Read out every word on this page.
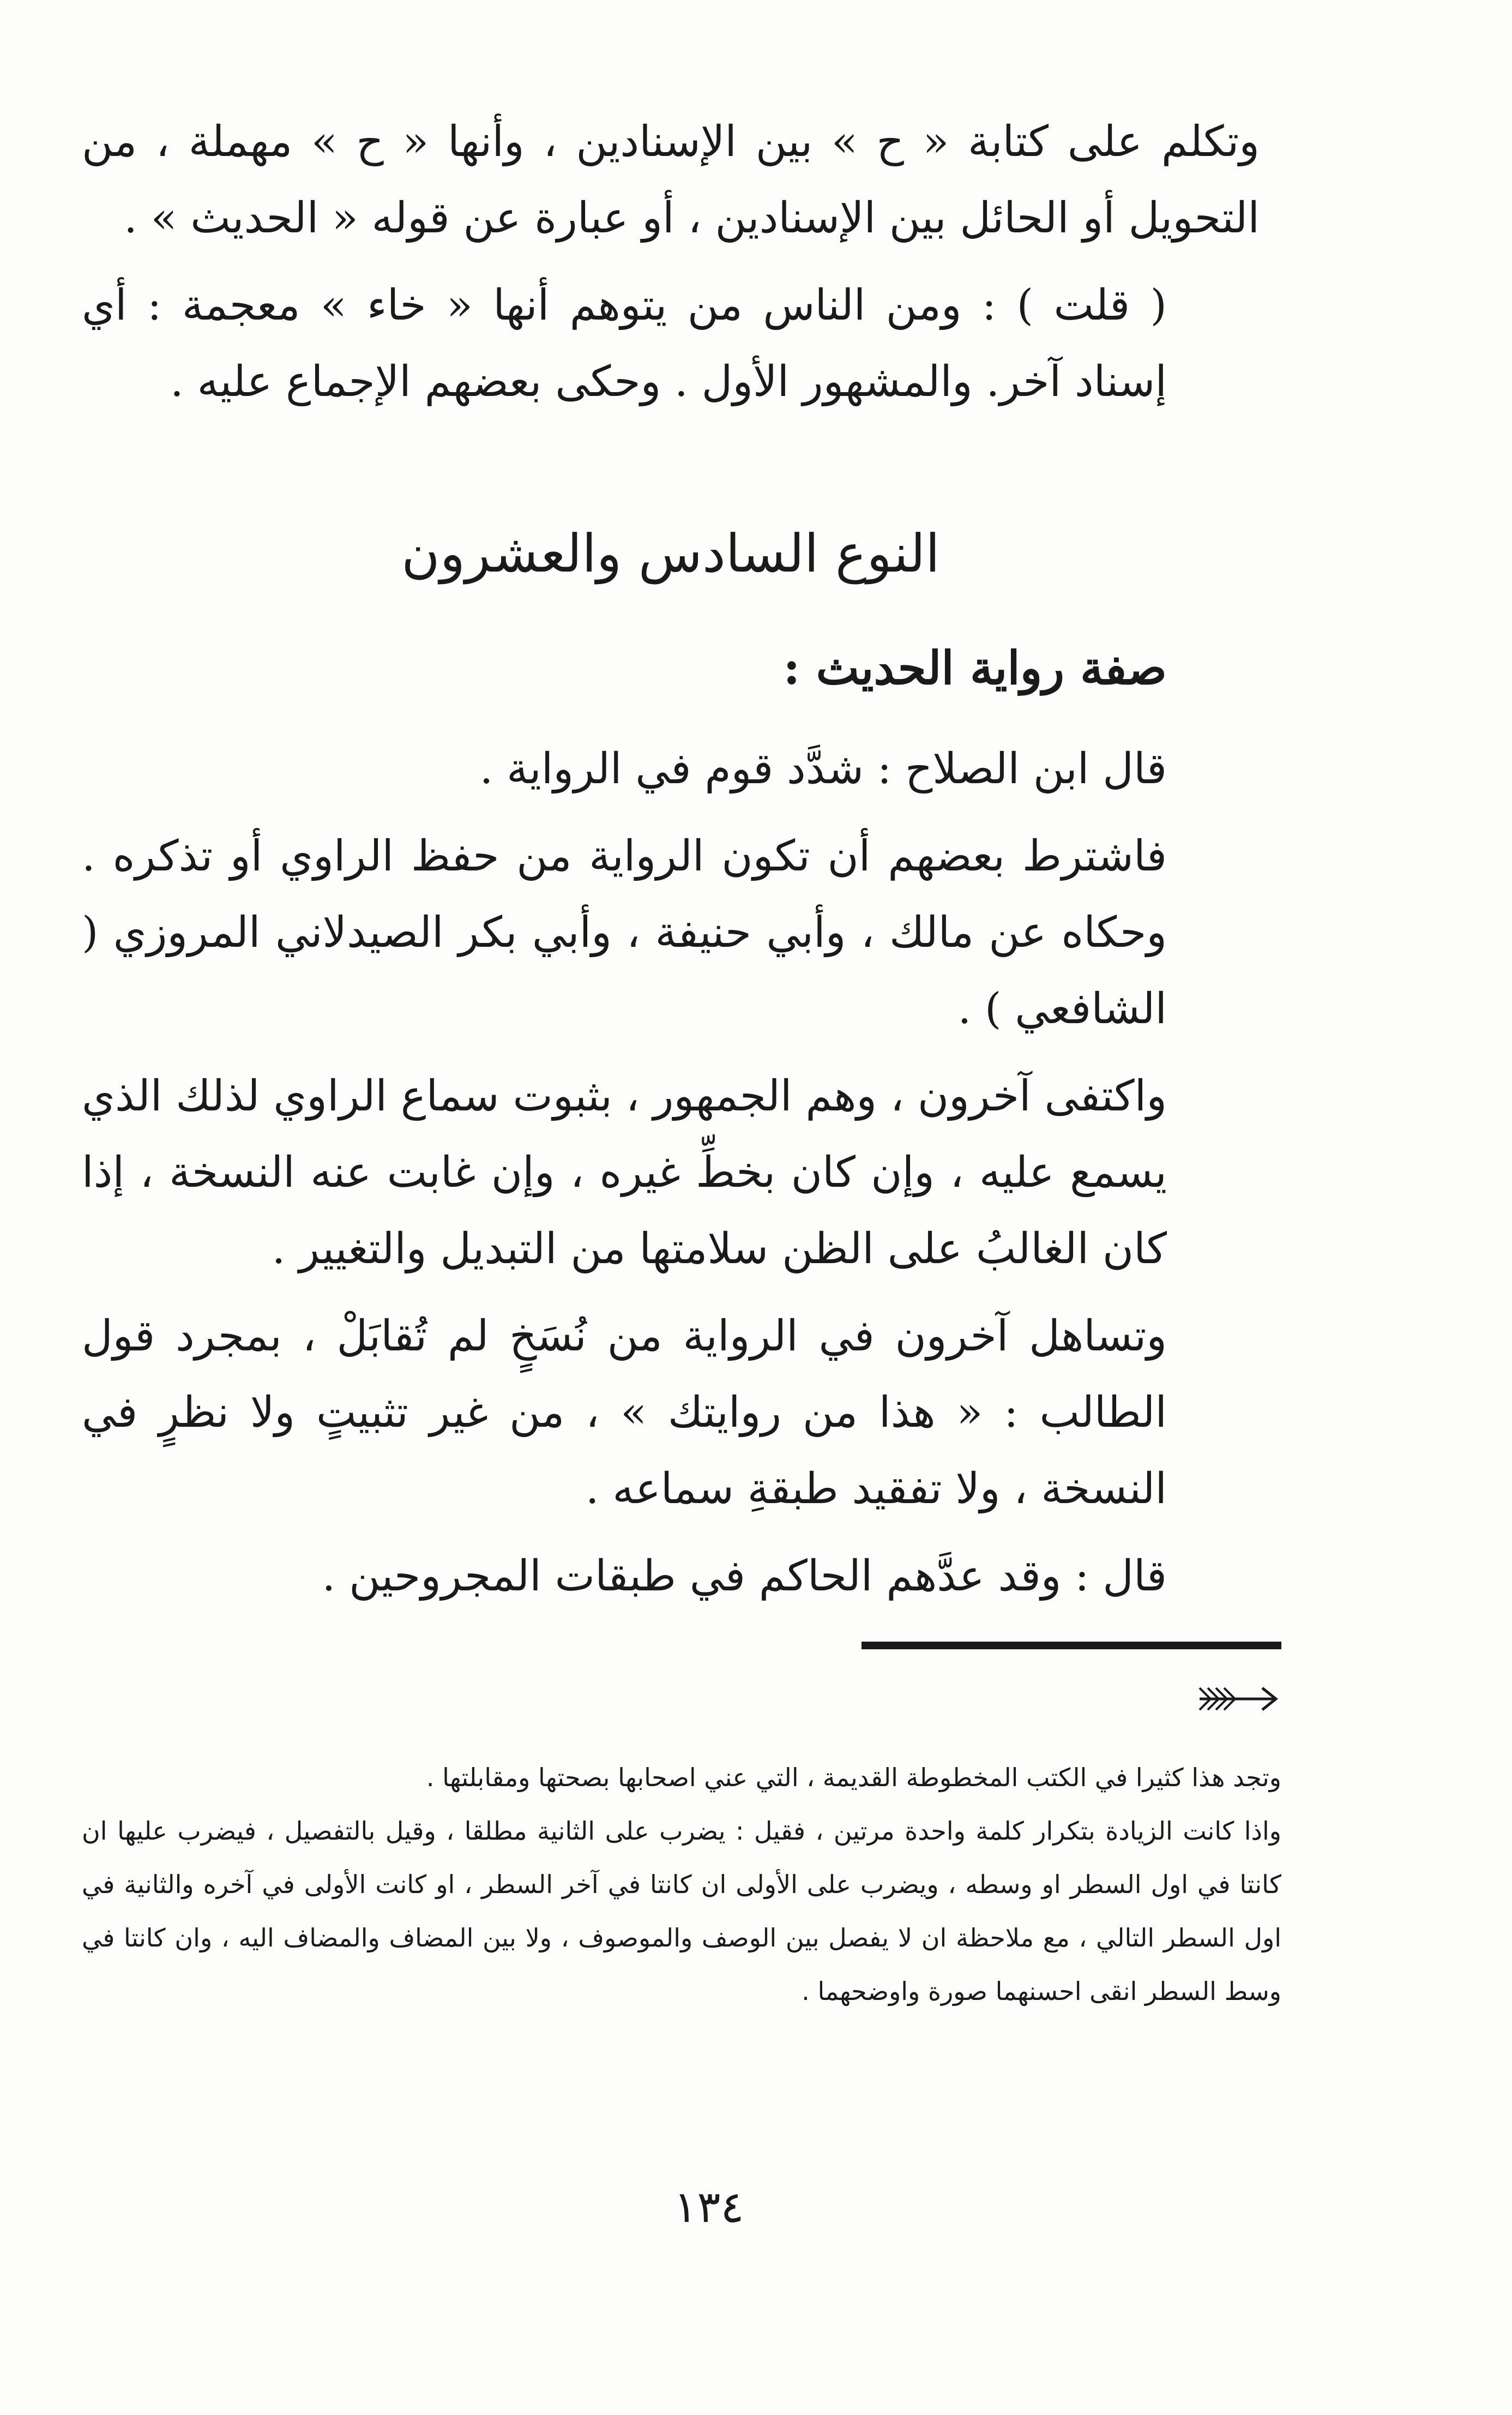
وتكلم على كتابة « ح » بين الإسنادين ، وأنها « ح » مهملة ، من التحويل أو الحائل بين الإسنادين ، أو عبارة عن قوله « الحديث » .

( قلت ) : ومن الناس من يتوهم أنها « خاء » معجمة : أي إسناد آخر. والمشهور الأول . وحكى بعضهم الإجماع عليه .

النوع السادس والعشرون
صفة رواية الحديث :

قال ابن الصلاح : شدَّد قوم في الرواية .

فاشترط بعضهم أن تكون الرواية من حفظ الراوي أو تذكره . وحكاه عن مالك ، وأبي حنيفة ، وأبي بكر الصيدلاني المروزي ( الشافعي ) .

واكتفى آخرون ، وهم الجمهور ، بثبوت سماع الراوي لذلك الذي يسمع عليه ، وإن كان بخطِّ غيره ، وإن غابت عنه النسخة ، إذا كان الغالبُ على الظن سلامتها من التبديل والتغيير .

وتساهل آخرون في الرواية من نُسَخٍ لم تُقابَلْ ، بمجرد قول الطالب : « هذا من روايتك » ، من غير تثبيتٍ ولا نظرٍ في النسخة ، ولا تفقيد طبقةِ سماعه .

قال : وقد عدَّهم الحاكم في طبقات المجروحين .

وتجد هذا كثيرا في الكتب المخطوطة القديمة ، التي عني اصحابها بصحتها ومقابلتها .

واذا كانت الزيادة بتكرار كلمة واحدة مرتين ، فقيل : يضرب على الثانية مطلقا ، وقيل بالتفصيل ، فيضرب عليها ان كانتا في اول السطر او وسطه ، ويضرب على الأولى ان كانتا في آخر السطر ، او كانت الأولى في آخره والثانية في اول السطر التالي ، مع ملاحظة ان لا يفصل بين الوصف والموصوف ، ولا بين المضاف والمضاف اليه ، وان كانتا في وسط السطر انقى احسنهما صورة واوضحهما .

١٣٤
